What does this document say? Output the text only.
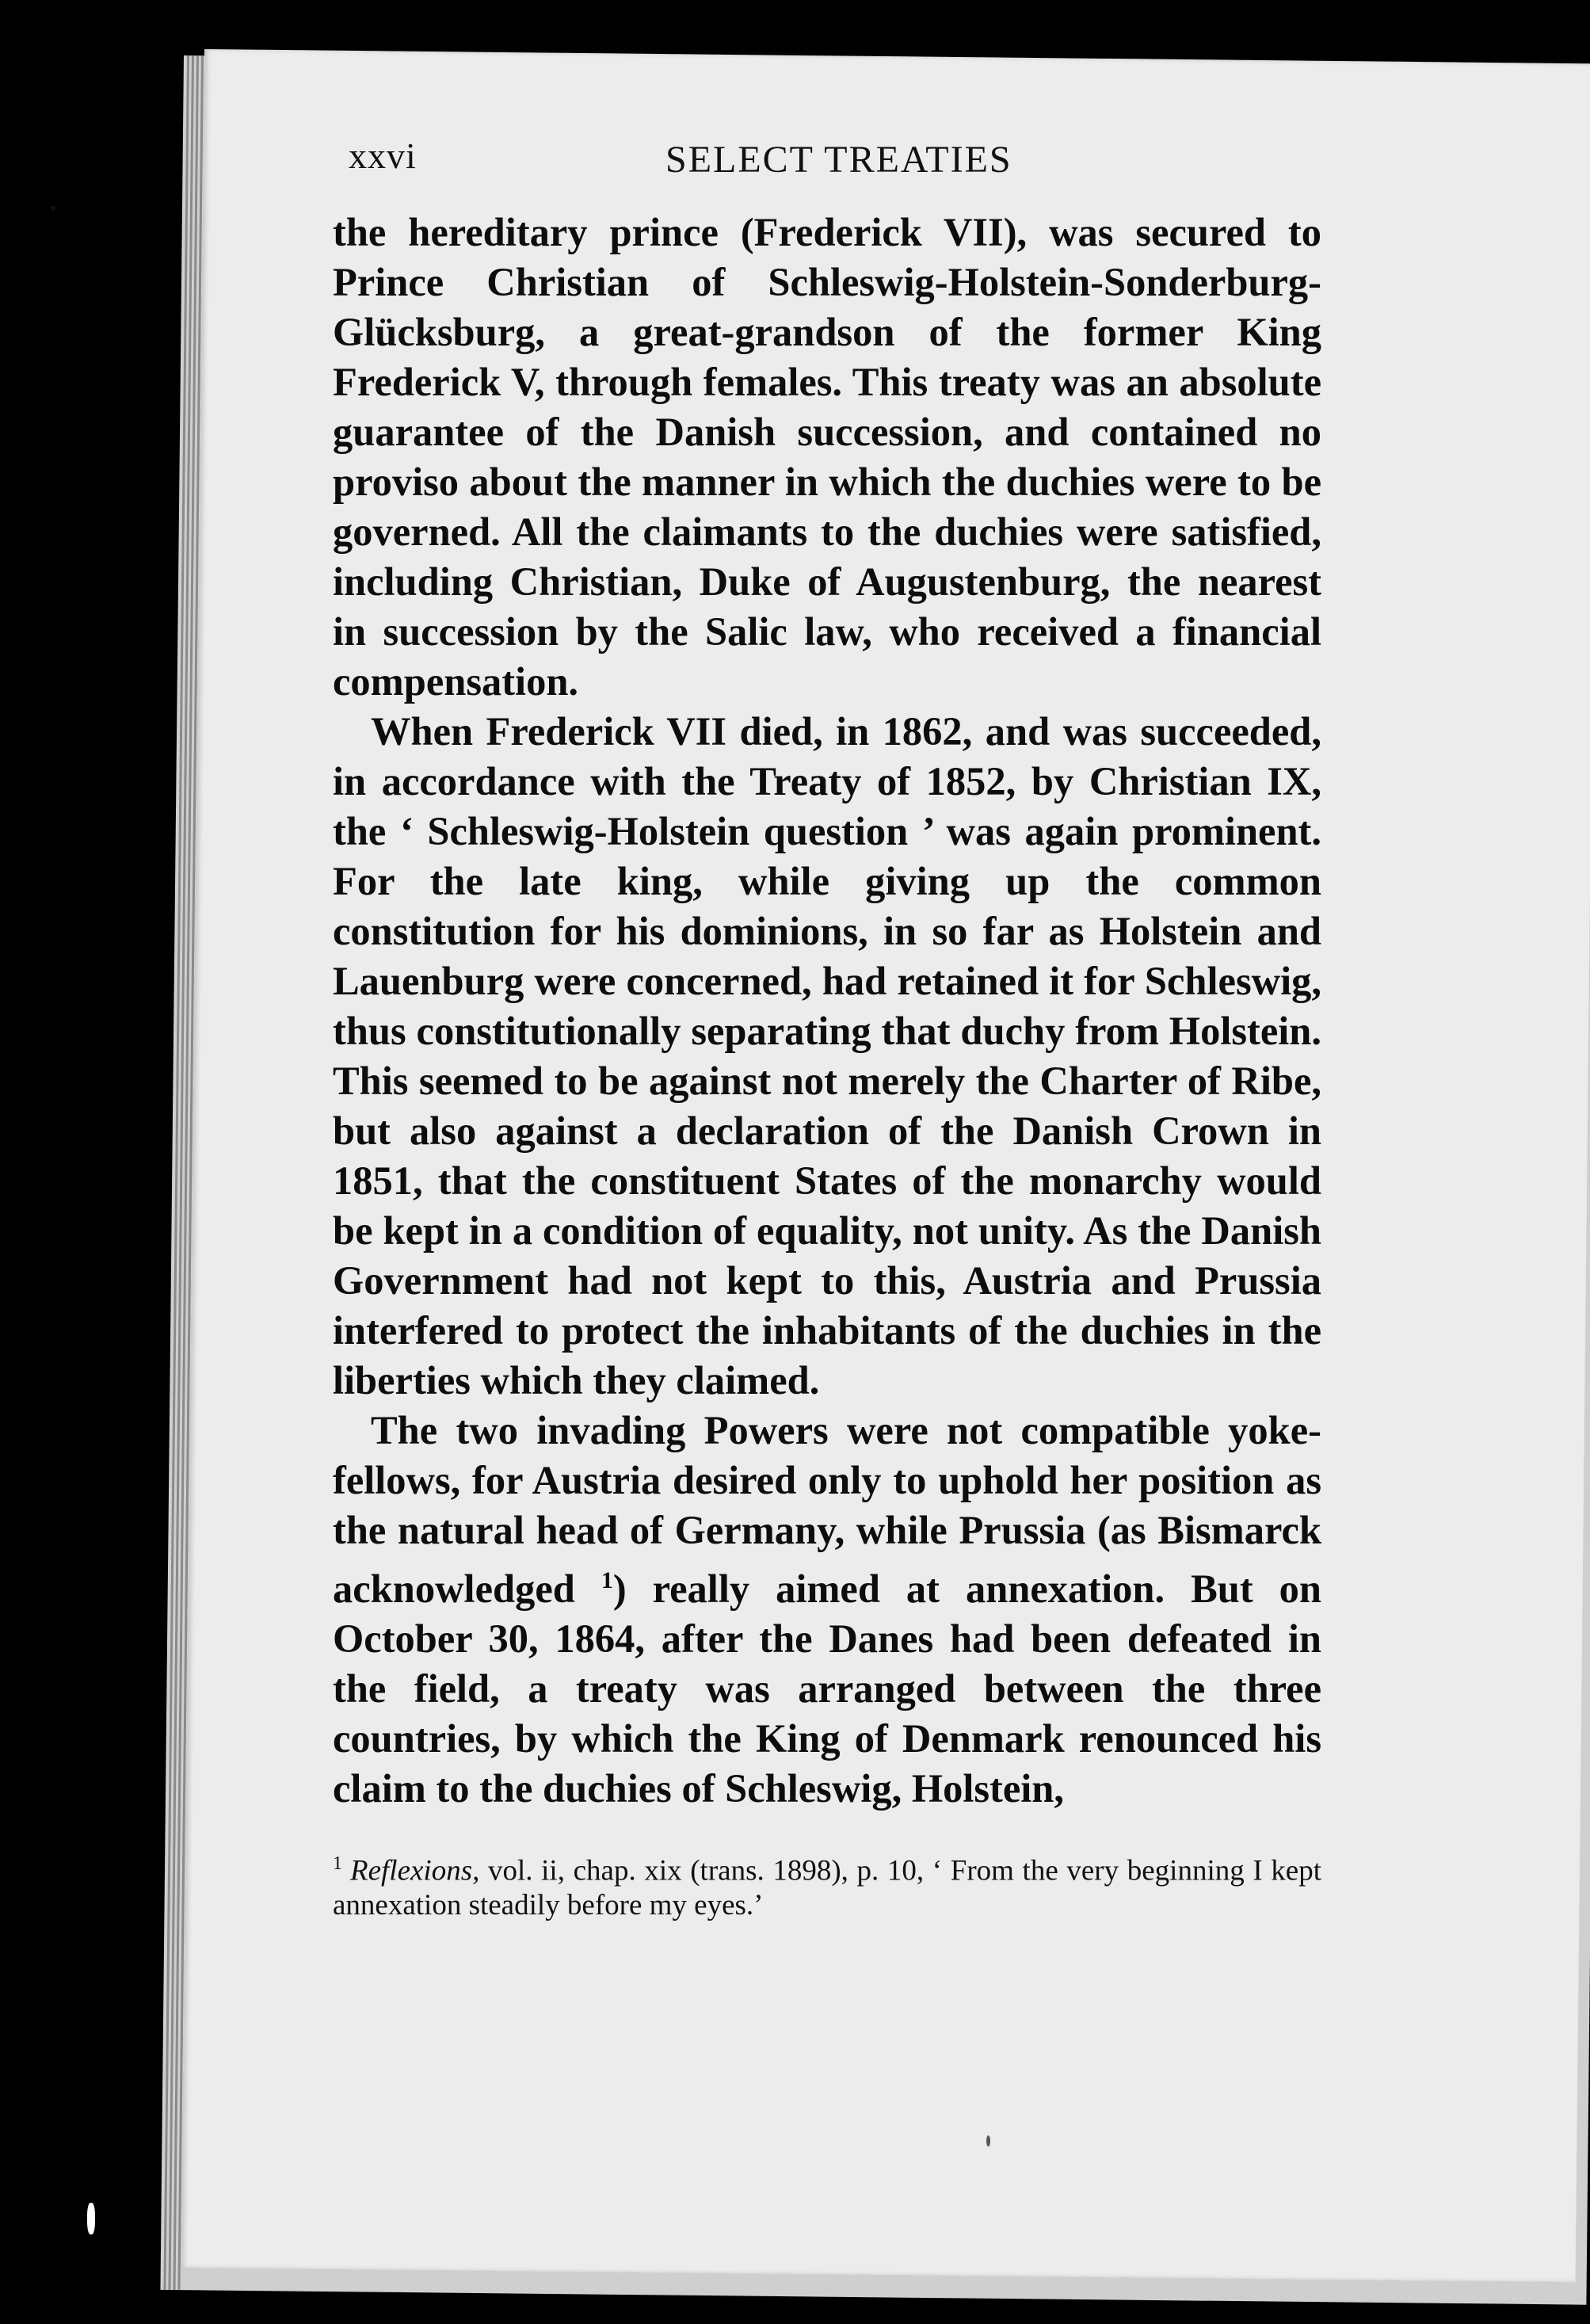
xxvi	SELECT TREATIES

the hereditary prince (Frederick VII), was secured to Prince Christian of Schleswig-Holstein-Sonderburg-Glücksburg, a great-grandson of the former King Frederick V, through females. This treaty was an absolute guarantee of the Danish succession, and contained no proviso about the manner in which the duchies were to be governed. All the claimants to the duchies were satisfied, including Christian, Duke of Augustenburg, the nearest in succession by the Salic law, who received a financial compensation.

When Frederick VII died, in 1862, and was succeeded, in accordance with the Treaty of 1852, by Christian IX, the ‘ Schleswig-Holstein question ’ was again prominent. For the late king, while giving up the common constitution for his dominions, in so far as Holstein and Lauenburg were concerned, had retained it for Schleswig, thus constitutionally separating that duchy from Holstein. This seemed to be against not merely the Charter of Ribe, but also against a declaration of the Danish Crown in 1851, that the constituent States of the monarchy would be kept in a condition of equality, not unity. As the Danish Government had not kept to this, Austria and Prussia interfered to protect the inhabitants of the duchies in the liberties which they claimed.

The two invading Powers were not compatible yoke-fellows, for Austria desired only to uphold her position as the natural head of Germany, while Prussia (as Bismarck acknowledged $^1$) really aimed at annexation. But on October 30, 1864, after the Danes had been defeated in the field, a treaty was arranged between the three countries, by which the King of Denmark renounced his claim to the duchies of Schleswig, Holstein,

$^1$ Reflexions, vol. ii, chap. xix (trans. 1898), p. 10, ‘ From the very beginning I kept annexation steadily before my eyes.’
